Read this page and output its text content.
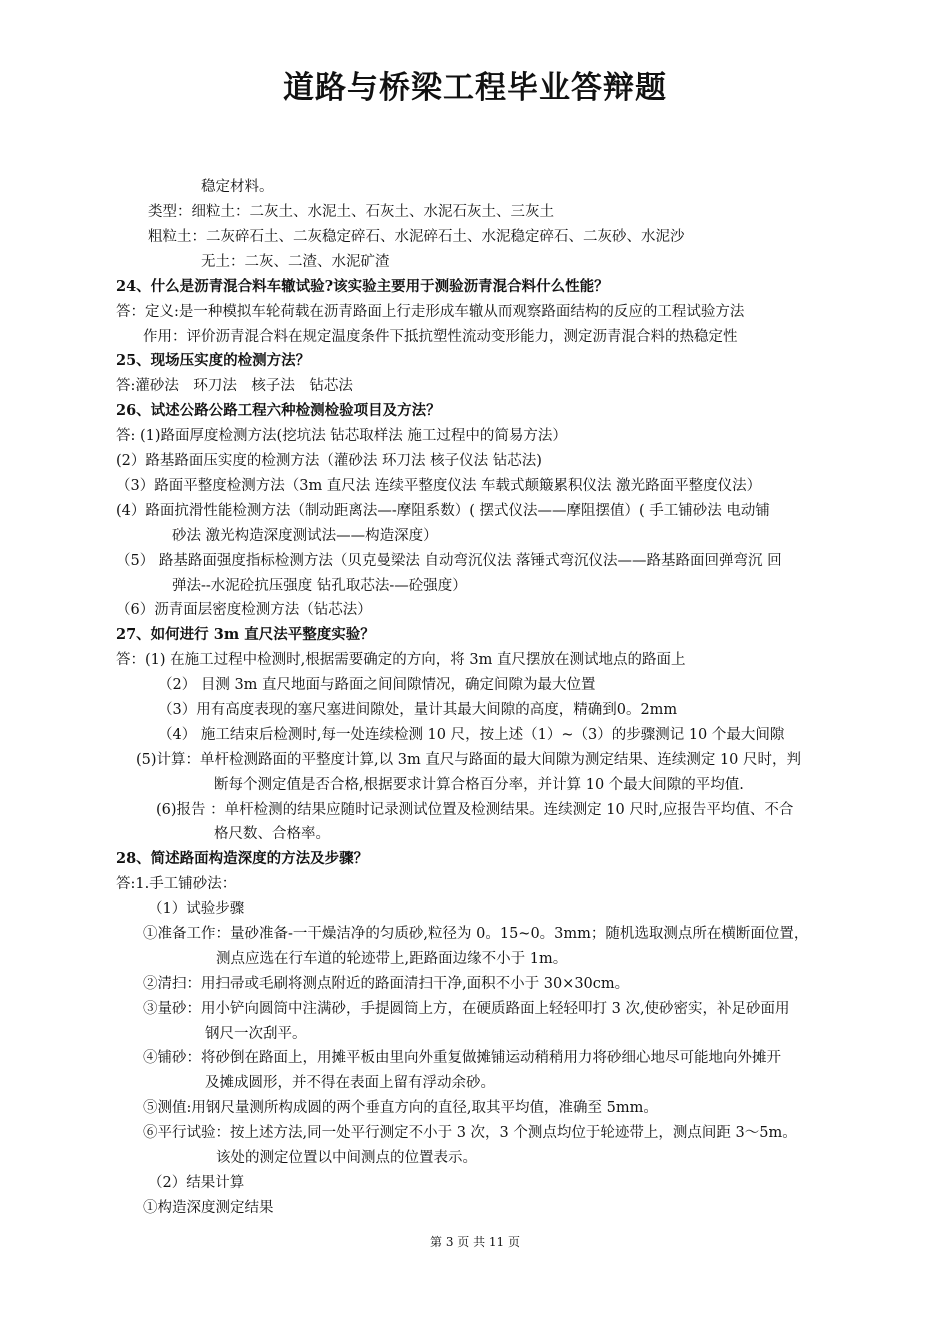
道路与桥梁工程毕业答辩题
稳定材料。
类型：细粒土：二灰土、水泥土、石灰土、水泥石灰土、三灰土
粗粒土：二灰碎石土、二灰稳定碎石、水泥碎石土、水泥稳定碎石、二灰砂、水泥沙
无土：二灰、二渣、水泥矿渣
24、什么是沥青混合料车辙试验?该实验主要用于测验沥青混合料什么性能？
答：定义:是一种模拟车轮荷载在沥青路面上行走形成车辙从而观察路面结构的反应的工程试验方法
作用：评价沥青混合料在规定温度条件下抵抗塑性流动变形能力，测定沥青混合料的热稳定性
25、现场压实度的检测方法？
答:灌砂法　环刀法　核子法　钻芯法
26、试述公路公路工程六种检测检验项目及方法？
答: (1)路面厚度检测方法(挖坑法 钻芯取样法 施工过程中的简易方法）
(2）路基路面压实度的检测方法（灌砂法 环刀法 核子仪法 钻芯法)
（3）路面平整度检测方法（3m 直尺法 连续平整度仪法 车载式颠簸累积仪法 激光路面平整度仪法）
(4）路面抗滑性能检测方法（制动距离法—-摩阻系数）( 摆式仪法——摩阻摆值）( 手工铺砂法 电动铺
砂法 激光构造深度测试法——构造深度）
（5） 路基路面强度指标检测方法（贝克曼梁法 自动弯沉仪法 落锤式弯沉仪法——路基路面回弹弯沉 回
弹法--水泥砼抗压强度 钻孔取芯法-—砼强度）
（6）沥青面层密度检测方法（钻芯法）
27、如何进行 3m 直尺法平整度实验？
答：(1) 在施工过程中检测时,根据需要确定的方向，将 3m 直尺摆放在测试地点的路面上
（2） 目测 3m 直尺地面与路面之间间隙情况，确定间隙为最大位置
（3）用有高度表现的塞尺塞进间隙处，量计其最大间隙的高度，精确到0。2mm
（4） 施工结束后检测时,每一处连续检测 10 尺，按上述（1）~（3）的步骤测记 10 个最大间隙
(5)计算：单杆检测路面的平整度计算,以 3m 直尺与路面的最大间隙为测定结果、连续测定 10 尺时，判
断每个测定值是否合格,根据要求计算合格百分率，并计算 10 个最大间隙的平均值.
(6)报告 ：单杆检测的结果应随时记录测试位置及检测结果。连续测定 10 尺时,应报告平均值、不合
格尺数、合格率。
28、简述路面构造深度的方法及步骤？
答:1.手工铺砂法：
（1）试验步骤
①准备工作：量砂准备-一干燥洁净的匀质砂,粒径为 0。15~0。3mm；随机选取测点所在横断面位置，
测点应选在行车道的轮迹带上,距路面边缘不小于 1m。
②清扫：用扫帚或毛刷将测点附近的路面清扫干净,面积不小于 30×30cm。
③量砂：用小铲向圆筒中注满砂，手提圆筒上方，在硬质路面上轻轻叩打 3 次,使砂密实，补足砂面用
钢尺一次刮平。
④铺砂：将砂倒在路面上，用摊平板由里向外重复做摊铺运动稍稍用力将砂细心地尽可能地向外摊开
及摊成圆形，并不得在表面上留有浮动余砂。
⑤测值:用钢尺量测所构成圆的两个垂直方向的直径,取其平均值，准确至 5mm。
⑥平行试验：按上述方法,同一处平行测定不小于 3 次，3 个测点均位于轮迹带上，测点间距 3～5m。
该处的测定位置以中间测点的位置表示。
（2）结果计算
①构造深度测定结果
第 3 页 共 11 页
